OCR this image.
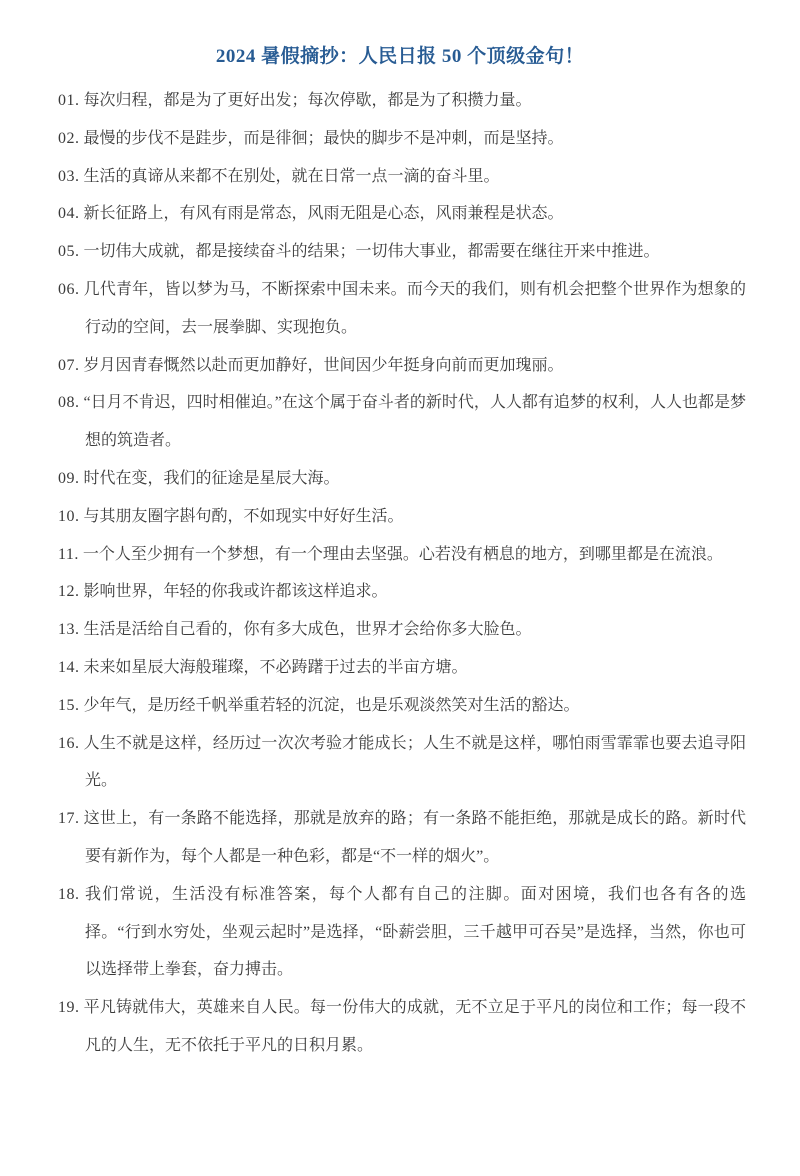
2024 暑假摘抄：人民日报 50 个顶级金句！

01. 每次归程，都是为了更好出发；每次停歇，都是为了积攒力量。

02. 最慢的步伐不是跬步，而是徘徊；最快的脚步不是冲刺，而是坚持。

03. 生活的真谛从来都不在别处，就在日常一点一滴的奋斗里。

04. 新长征路上，有风有雨是常态，风雨无阻是心态，风雨兼程是状态。

05. 一切伟大成就，都是接续奋斗的结果；一切伟大事业，都需要在继往开来中推进。

06. 几代青年，皆以梦为马，不断探索中国未来。而今天的我们，则有机会把整个世界作为想象的行动的空间，去一展拳脚、实现抱负。

07. 岁月因青春慨然以赴而更加静好，世间因少年挺身向前而更加瑰丽。

08. “日月不肯迟，四时相催迫。”在这个属于奋斗者的新时代，人人都有追梦的权利，人人也都是梦想的筑造者。

09. 时代在变，我们的征途是星辰大海。

10. 与其朋友圈字斟句酌，不如现实中好好生活。

11. 一个人至少拥有一个梦想，有一个理由去坚强。心若没有栖息的地方，到哪里都是在流浪。

12. 影响世界，年轻的你我或许都该这样追求。

13. 生活是活给自己看的，你有多大成色，世界才会给你多大脸色。

14. 未来如星辰大海般璀璨，不必踌躇于过去的半亩方塘。

15. 少年气，是历经千帆举重若轻的沉淀，也是乐观淡然笑对生活的豁达。

16. 人生不就是这样，经历过一次次考验才能成长；人生不就是这样，哪怕雨雪霏霏也要去追寻阳光。

17. 这世上，有一条路不能选择，那就是放弃的路；有一条路不能拒绝，那就是成长的路。新时代要有新作为，每个人都是一种色彩，都是“不一样的烟火”。

18. 我们常说，生活没有标准答案，每个人都有自己的注脚。面对困境，我们也各有各的选择。“行到水穷处，坐观云起时”是选择，“卧薪尝胆，三千越甲可吞吴”是选择，当然，你也可以选择带上拳套，奋力搏击。

19. 平凡铸就伟大，英雄来自人民。每一份伟大的成就，无不立足于平凡的岗位和工作；每一段不凡的人生，无不依托于平凡的日积月累。
